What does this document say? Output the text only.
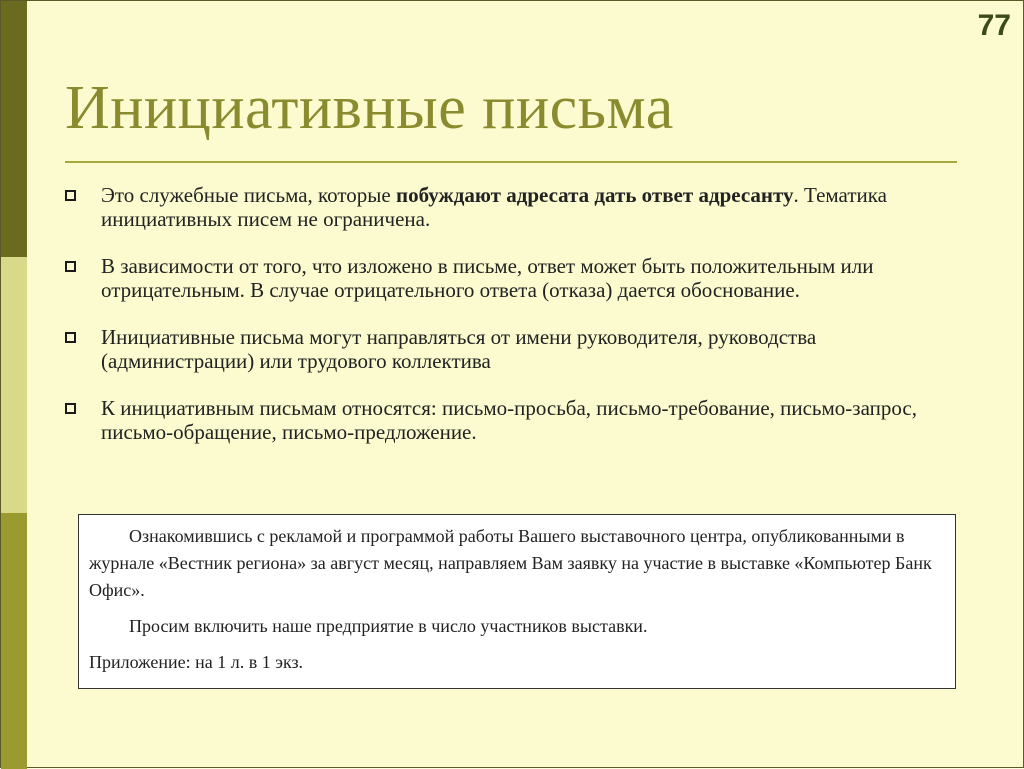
77
Инициативные письма
Это служебные письма, которые побуждают адресата дать ответ адресанту. Тематика инициативных писем не ограничена.
В зависимости от того, что изложено в письме, ответ может быть положительным или отрицательным. В случае отрицательного ответа (отказа) дается обоснование.
Инициативные письма могут направляться от имени руководителя, руководства (администрации) или трудового коллектива
К инициативным письмам относятся: письмо-просьба, письмо-требование, письмо-запрос, письмо-обращение, письмо-предложение.

Ознакомившись с рекламой и программой работы Вашего выставочного центра, опубликованными в журнале «Вестник региона» за август месяц, направляем Вам заявку на участие в выставке «Компьютер Банк Офис».

Просим включить наше предприятие в число участников выставки.

Приложение: на 1 л. в 1 экз.
